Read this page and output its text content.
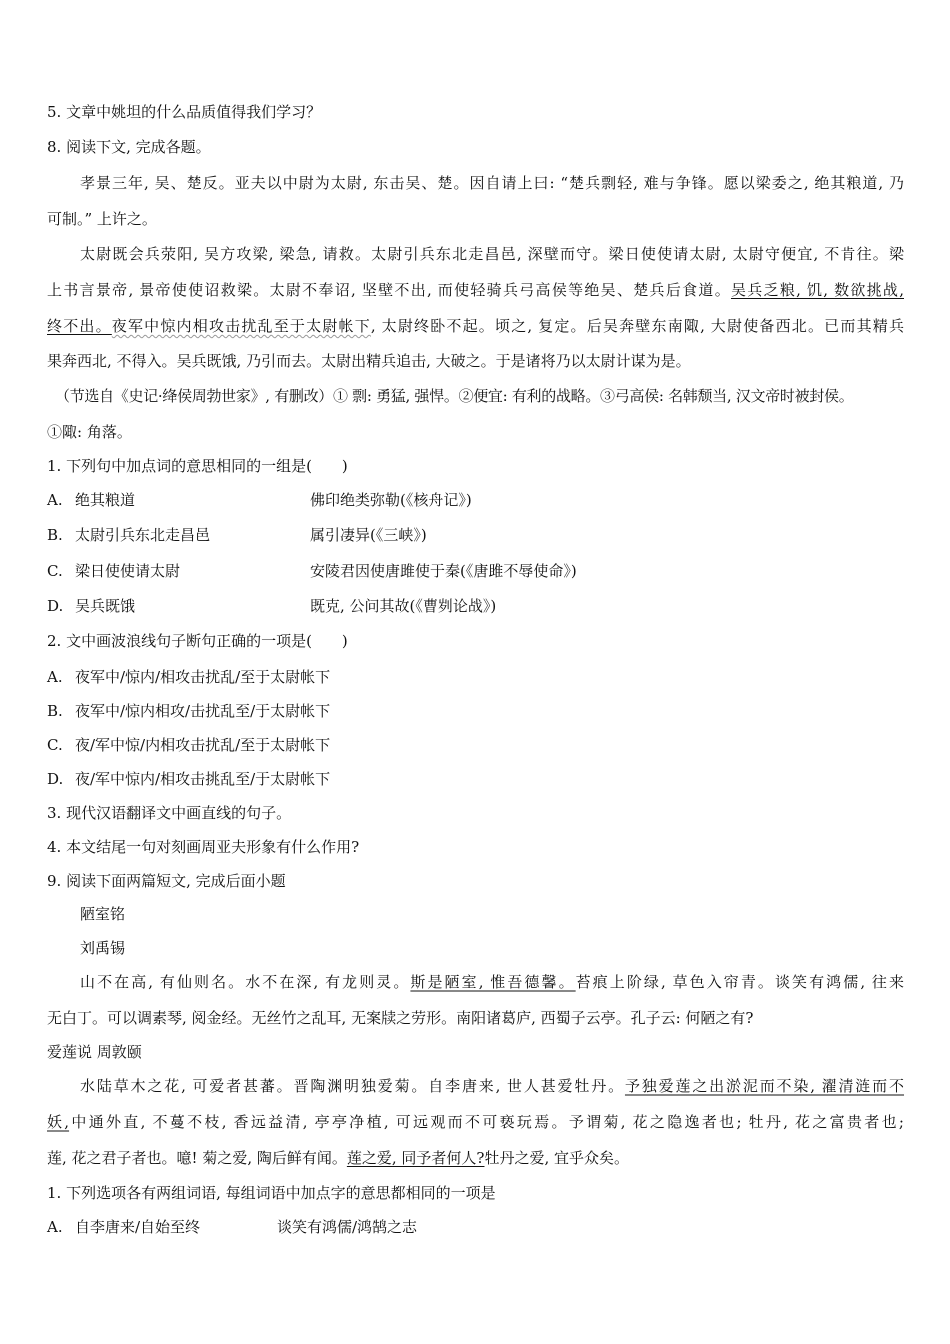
5. 文章中姚坦的什么品质值得我们学习？
8. 阅读下文, 完成各题。
孝景三年, 吴、楚反。亚夫以中尉为太尉, 东击吴、楚。因自请上曰: “楚兵剽轻, 难与争锋。愿以梁委之, 绝其粮道, 乃
可制。” 上许之。
太尉既会兵荥阳, 吴方攻梁, 梁急, 请救。太尉引兵东北走昌邑, 深壁而守。梁日使使请太尉, 太尉守便宜, 不肯往。梁
上书言景帝, 景帝使使诏救梁。太尉不奉诏, 坚壁不出, 而使轻骑兵弓高侯等绝吴、楚兵后食道。吴兵乏粮, 饥, 数欲挑战,
终不出。夜军中惊内相攻击扰乱至于太尉帐下, 太尉终卧不起。顷之, 复定。后吴奔壁东南陬, 大尉使备西北。已而其精兵
果奔西北, 不得入。吴兵既饿, 乃引而去。太尉出精兵追击, 大破之。于是诸将乃以太尉计谋为是。
（节选自《史记·绛侯周勃世家》, 有删改）① 剽: 勇猛, 强悍。②便宜: 有利的战略。③弓高侯: 名韩颓当, 汉文帝时被封侯。
①陬: 角落。
1. 下列句中加点词的意思相同的一组是(　　)
A. 绝其粮道	佛印绝类弥勒(《核舟记》)
B. 太尉引兵东北走昌邑	属引凄异(《三峡》)
C. 梁日使使请太尉	安陵君因使唐雎使于秦(《唐雎不辱使命》)
D. 吴兵既饿	既克, 公问其故(《曹刿论战》)
2. 文中画波浪线句子断句正确的一项是(　　)
A. 夜军中/惊内/相攻击扰乱/至于太尉帐下
B. 夜军中/惊内相攻/击扰乱至/于太尉帐下
C. 夜/军中惊/内相攻击扰乱/至于太尉帐下
D. 夜/军中惊内/相攻击挑乱至/于太尉帐下
3. 现代汉语翻译文中画直线的句子。
4. 本文结尾一句对刻画周亚夫形象有什么作用?
9. 阅读下面两篇短文, 完成后面小题
陋室铭
刘禹锡
山不在高, 有仙则名。水不在深, 有龙则灵。斯是陋室, 惟吾德馨。苔痕上阶绿, 草色入帘青。谈笑有鸿儒, 往来
无白丁。可以调素琴, 阅金经。无丝竹之乱耳, 无案牍之劳形。南阳诸葛庐, 西蜀子云亭。孔子云: 何陋之有?
爱莲说 周敦颐
水陆草木之花, 可爱者甚蕃。晋陶渊明独爱菊。自李唐来, 世人甚爱牡丹。予独爱莲之出淤泥而不染, 濯清涟而不
妖,中通外直, 不蔓不枝, 香远益清, 亭亭净植, 可远观而不可亵玩焉。予谓菊, 花之隐逸者也; 牡丹, 花之富贵者也;
莲, 花之君子者也。噫! 菊之爱, 陶后鲜有闻。莲之爱, 同予者何人?牡丹之爱, 宜乎众矣。
1. 下列选项各有两组词语, 每组词语中加点字的意思都相同的一项是
A. 自李唐来/自始至终	谈笑有鸿儒/鸿鹄之志
